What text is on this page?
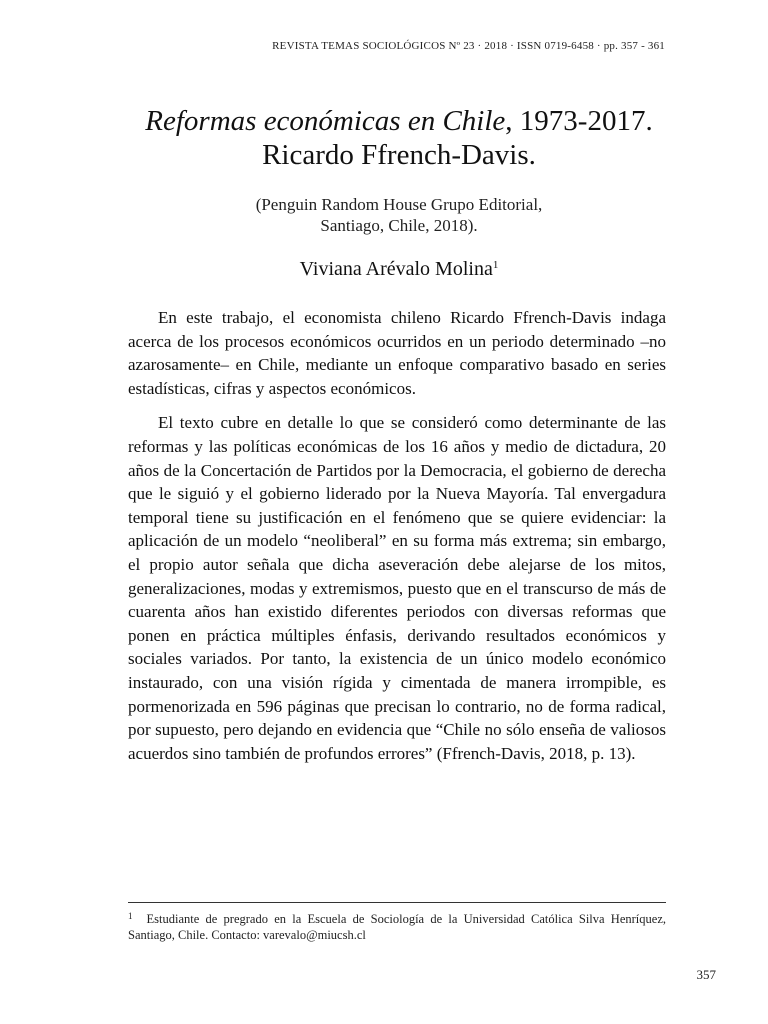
REVISTA TEMAS SOCIOLÓGICOS Nº 23 · 2018 · ISSN 0719-6458 · pp. 357 - 361
Reformas económicas en Chile, 1973-2017.
Ricardo Ffrench-Davis.
(Penguin Random House Grupo Editorial,
Santiago, Chile, 2018).
Viviana Arévalo Molina$^1$

En este trabajo, el economista chileno Ricardo Ffrench-Davis indaga acerca de los procesos económicos ocurridos en un periodo determinado –no azarosamente– en Chile, mediante un enfoque comparativo basado en series estadísticas, cifras y aspectos económicos.

El texto cubre en detalle lo que se consideró como determinante de las reformas y las políticas económicas de los 16 años y medio de dictadura, 20 años de la Concertación de Partidos por la Democracia, el gobierno de derecha que le siguió y el gobierno liderado por la Nueva Mayoría. Tal envergadura temporal tiene su justificación en el fenómeno que se quiere evidenciar: la aplicación de un modelo “neoliberal” en su forma más extrema; sin embargo, el propio autor señala que dicha aseveración debe alejarse de los mitos, generalizaciones, modas y extremismos, puesto que en el transcurso de más de cuarenta años han existido diferentes periodos con diversas reformas que ponen en práctica múltiples énfasis, derivando resultados económicos y sociales variados. Por tanto, la existencia de un único modelo económico instaurado, con una visión rígida y cimentada de manera irrompible, es pormenorizada en 596 páginas que precisan lo contrario, no de forma radical, por supuesto, pero dejando en evidencia que “Chile no sólo enseña de valiosos acuerdos sino también de profundos errores” (Ffrench-Davis, 2018, p. 13).

$^1$ Estudiante de pregrado en la Escuela de Sociología de la Universidad Católica Silva Henríquez, Santiago, Chile. Contacto: varevalo@miucsh.cl
357
